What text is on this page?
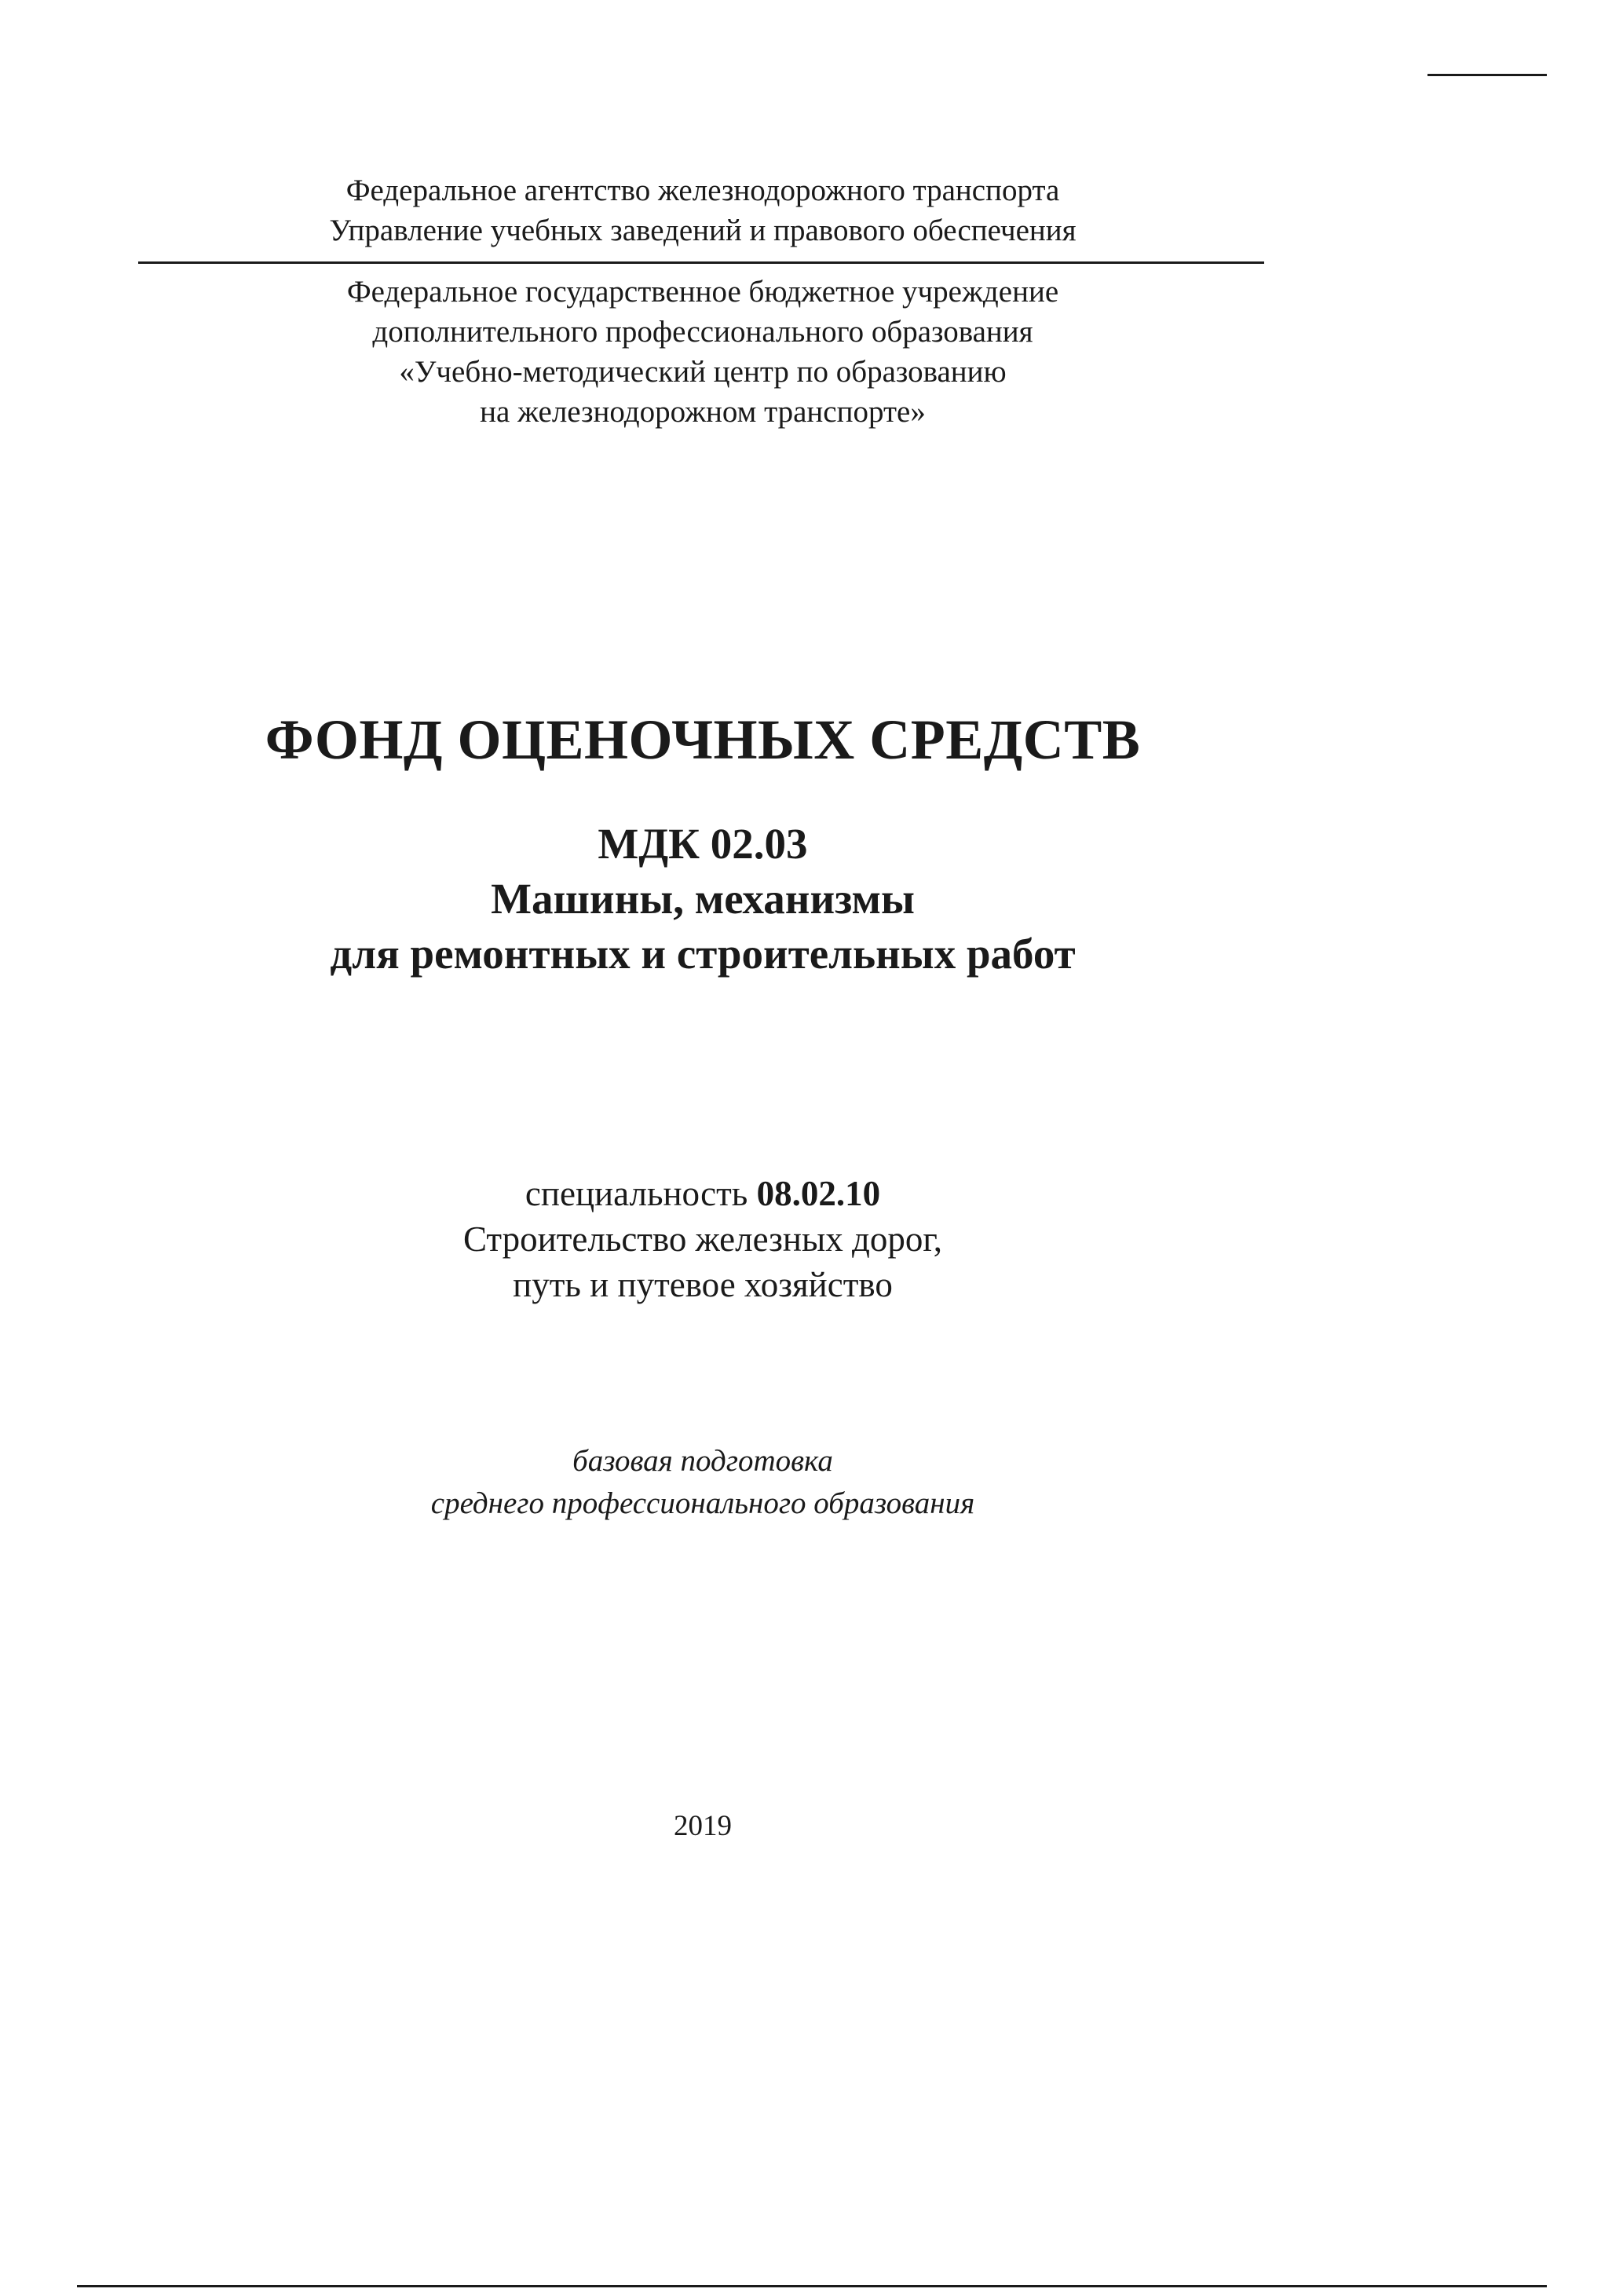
Федеральное агентство железнодорожного транспорта
Управление учебных заведений и правового обеспечения
Федеральное государственное бюджетное учреждение
дополнительного профессионального образования
«Учебно-методический центр по образованию
на железнодорожном транспорте»
ФОНД ОЦЕНОЧНЫХ СРЕДСТВ
МДК 02.03
Машины, механизмы
для ремонтных и строительных работ
специальность 08.02.10
Строительство железных дорог,
путь и путевое хозяйство
базовая подготовка
среднего профессионального образования
2019
